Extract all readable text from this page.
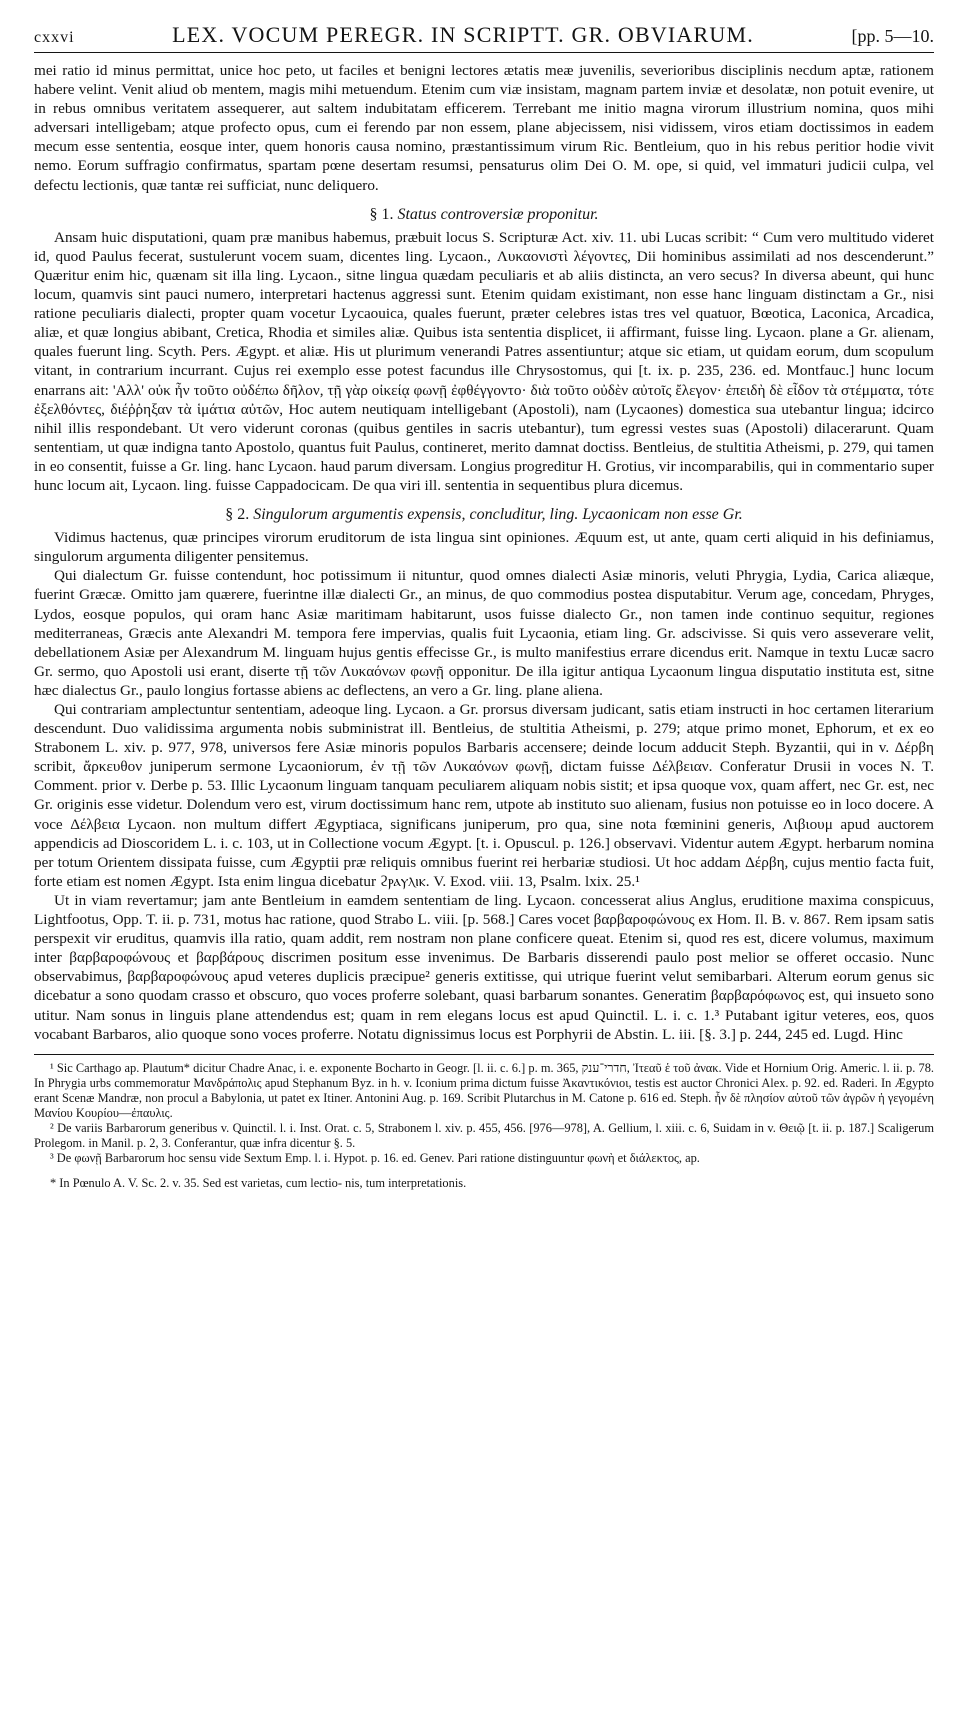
cxxvi	LEX. VOCUM PEREGR. IN SCRIPTT. GR. OBVIARUM.	[pp. 5—10.

mei ratio id minus permittat, unice hoc peto, ut faciles et benigni lectores ætatis meæ juvenilis, severioribus disciplinis necdum aptæ, rationem habere velint. Venit aliud ob mentem, magis mihi metuendum. Etenim cum viæ insistam, magnam partem inviæ et desolatæ, non potuit evenire, ut in rebus omnibus veritatem assequerer, aut saltem indubitatam efficerem. Terrebant me initio magna virorum illustrium nomina, quos mihi adversari intelligebam; atque profecto opus, cum ei ferendo par non essem, plane abjecissem, nisi vidissem, viros etiam doctissimos in eadem mecum esse sententia, eosque inter, quem honoris causa nomino, præstantissimum virum Ric. Bentleium, quo in his rebus peritior hodie vivit nemo. Eorum suffragio confirmatus, spartam pœne desertam resumsi, pensaturus olim Dei O. M. ope, si quid, vel immaturi judicii culpa, vel defectu lectionis, quæ tantæ rei sufficiat, nunc deliquero.

§ 1. Status controversiæ proponitur.

Ansam huic disputationi, quam præ manibus habemus, præbuit locus S. Scripturæ Act. xiv. 11. ubi Lucas scribit: “ Cum vero multitudo videret id, quod Paulus fecerat, sustulerunt vocem suam, dicentes ling. Lycaon., Λυκαονιστὶ λέγοντες, Dii hominibus assimilati ad nos descenderunt.” Quæritur enim hic, quænam sit illa ling. Lycaon., sitne lingua quædam peculiaris et ab aliis distincta, an vero secus? In diversa abeunt, qui hunc locum, quamvis sint pauci numero, interpretari hactenus aggressi sunt. Etenim quidam existimant, non esse hanc linguam distinctam a Gr., nisi ratione peculiaris dialecti, propter quam vocetur Lycaouica, quales fuerunt, præter celebres istas tres vel quatuor, Bœotica, Laconica, Arcadica, aliæ, et quæ longius abibant, Cretica, Rhodia et similes aliæ. Quibus ista sententia displicet, ii affirmant, fuisse ling. Lycaon. plane a Gr. alienam, quales fuerunt ling. Scyth. Pers. Ægypt. et aliæ. His ut plurimum venerandi Patres assentiuntur; atque sic etiam, ut quidam eorum, dum scopulum vitant, in contrarium incurrant. Cujus rei exemplo esse potest facundus ille Chrysostomus, qui [t. ix. p. 235, 236. ed. Montfauc.] hunc locum enarrans ait: 'Αλλ' οὐκ ἦν τοῦτο οὐδέπω δῆλον, τῇ γὰρ οἰκείᾳ φωνῇ ἐφθέγγοντο· διὰ τοῦτο οὐδὲν αὐτοῖς ἔλεγον· ἐπειδὴ δὲ εἶδον τὰ στέμματα, τότε ἐξελθόντες, διέῤῥηξαν τὰ ἱμάτια αὐτῶν, Hoc autem neutiquam intelligebant (Apostoli), nam (Lycaones) domestica sua utebantur lingua; idcirco nihil illis respondebant. Ut vero viderunt coronas (quibus gentiles in sacris utebantur), tum egressi vestes suas (Apostoli) dilacerarunt. Quam sententiam, ut quæ indigna tanto Apostolo, quantus fuit Paulus, contineret, merito damnat doctiss. Bentleius, de stultitia Atheismi, p. 279, qui tamen in eo consentit, fuisse a Gr. ling. hanc Lycaon. haud parum diversam. Longius progreditur H. Grotius, vir incomparabilis, qui in commentario super hunc locum ait, Lycaon. ling. fuisse Cappadocicam. De qua viri ill. sententia in sequentibus plura dicemus.

§ 2. Singulorum argumentis expensis, concluditur, ling. Lycaonicam non esse Gr.

Vidimus hactenus, quæ principes virorum eruditorum de ista lingua sint opiniones. Æquum est, ut ante, quam certi aliquid in his definiamus, singulorum argumenta diligenter pensitemus.

Qui dialectum Gr. fuisse contendunt, hoc potissimum ii nituntur, quod omnes dialecti Asiæ minoris, veluti Phrygia, Lydia, Carica aliæque, fuerint Græcæ. Omitto jam quærere, fuerintne illæ dialecti Gr., an minus, de quo commodius postea disputabitur. Verum age, concedam, Phryges, Lydos, eosque populos, qui oram hanc Asiæ maritimam habitarunt, usos fuisse dialecto Gr., non tamen inde continuo sequitur, regiones mediterraneas, Græcis ante Alexandri M. tempora fere impervias, qualis fuit Lycaonia, etiam ling. Gr. adscivisse. Si quis vero asseverare velit, debellationem Asiæ per Alexandrum M. linguam hujus gentis effecisse Gr., is multo manifestius errare dicendus erit. Namque in textu Lucæ sacro Gr. sermo, quo Apostoli usi erant, diserte τῇ τῶν Λυκαόνων φωνῇ opponitur. De illa igitur antiqua Lycaonum lingua disputatio instituta est, sitne hæc dialectus Gr., paulo longius fortasse abiens ac deflectens, an vero a Gr. ling. plane aliena.

Qui contrariam amplectuntur sententiam, adeoque ling. Lycaon. a Gr. prorsus diversam judicant, satis etiam instructi in hoc certamen literarium descendunt. Duo validissima argumenta nobis subministrat ill. Bentleius, de stultitia Atheismi, p. 279; atque primo monet, Ephorum, et ex eo Strabonem L. xiv. p. 977, 978, universos fere Asiæ minoris populos Barbaris accensere; deinde locum adducit Steph. Byzantii, qui in v. Δέρβη scribit, ἄρκευθον juniperum sermone Lycaoniorum, ἐν τῇ τῶν Λυκαόνων φωνῇ, dictam fuisse Δέλβειαν. Conferatur Drusii in voces N. T. Comment. prior v. Derbe p. 53. Illic Lycaonum linguam tanquam peculiarem aliquam nobis sistit; et ipsa quoque vox, quam affert, nec Gr. est, nec Gr. originis esse videtur. Dolendum vero est, virum doctissimum hanc rem, utpote ab instituto suo alienam, fusius non potuisse eo in loco docere. A voce Δέλβεια Lycaon. non multum differt Ægyptiaca, significans juniperum, pro qua, sine nota fœminini generis, Λιβιουμ apud auctorem appendicis ad Dioscoridem L. i. c. 103, ut in Collectione vocum Ægypt. [t. i. Opuscul. p. 126.] observavi. Videntur autem Ægypt. herbarum nomina per totum Orientem dissipata fuisse, cum Ægyptii præ reliquis omnibus fuerint rei herbariæ studiosi. Ut hoc addam Δέρβη, cujus mentio facta fuit, forte etiam est nomen Ægypt. Ista enim lingua dicebatur ϩⲣⲁⲩⲗⲓⲕ. V. Exod. viii. 13, Psalm. lxix. 25.¹

Ut in viam revertamur; jam ante Bentleium in eamdem sententiam de ling. Lycaon. concesserat alius Anglus, eruditione maxima conspicuus, Lightfootus, Opp. T. ii. p. 731, motus hac ratione, quod Strabo L. viii. [p. 568.] Cares vocet βαρβαροφώνους ex Hom. Il. B. v. 867. Rem ipsam satis perspexit vir eruditus, quamvis illa ratio, quam addit, rem nostram non plane conficere queat. Etenim si, quod res est, dicere volumus, maximum inter βαρβαροφώνους et βαρβάρους discrimen positum esse invenimus. De Barbaris disserendi paulo post melior se offeret occasio. Nunc observabimus, βαρβαροφώνους apud veteres duplicis præcipue² generis extitisse, qui utrique fuerint velut semibarbari. Alterum eorum genus sic dicebatur a sono quodam crasso et obscuro, quo voces proferre solebant, quasi barbarum sonantes. Generatim βαρβαρόφωνος est, qui insueto sono utitur. Nam sonus in linguis plane attendendus est; quam in rem elegans locus est apud Quinctil. L. i. c. 1.³ Putabant igitur veteres, eos, quos vocabant Barbaros, alio quoque sono voces proferre. Notatu dignissimus locus est Porphyrii de Abstin. L. iii. [§. 3.] p. 244, 245 ed. Lugd. Hinc

¹ Sic Carthago ap. Plautum* dicitur Chadre Anac, i. e. exponente Bocharto in Geogr. [l. ii. c. 6.] p. m. 365, חדרי־ענק, Ἰτεαῦ ἑ τοῦ ἀνακ. Vide et Hornium Orig. Americ. l. ii. p. 78. In Phrygia urbs commemoratur Μανδράπολις apud Stephanum Byz. in h. v. Iconium prima dictum fuisse Ἀκαντικόνιοι, testis est auctor Chronici Alex. p. 92. ed. Raderi. In Ægypto erant Scenæ Mandræ, non procul a Babylonia, ut patet ex Itiner. Antonini Aug. p. 169. Scribit Plutarchus in M. Catone p. 616 ed. Steph. ἦν δὲ πλησίον αὐτοῦ τῶν ἀγρῶν ἡ γεγομένη Μανίου Κουρίου—ἐπαυλις.

² De variis Barbarorum generibus v. Quinctil. l. i. Inst. Orat. c. 5, Strabonem l. xiv. p. 455, 456. [976—978], A. Gellium, l. xiii. c. 6, Suidam in v. Θειῷ [t. ii. p. 187.] Scaligerum Prolegom. in Manil. p. 2, 3. Conferantur, quæ infra dicentur §. 5.

³ De φωνῇ Barbarorum hoc sensu vide Sextum Emp. l. i. Hypot. p. 16. ed. Genev. Pari ratione distinguuntur φωνὴ et διάλεκτος, ap.

* In Pœnulo A. V. Sc. 2. v. 35. Sed est varietas, cum lectio- nis, tum interpretationis.
